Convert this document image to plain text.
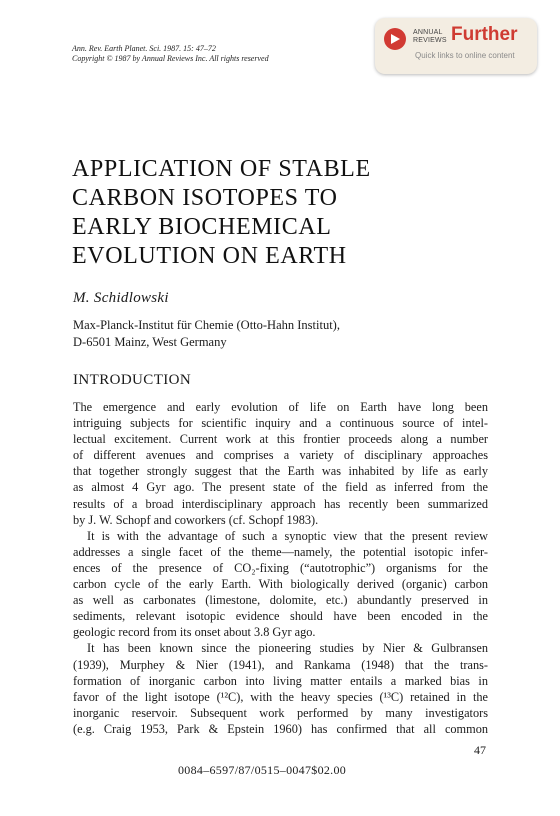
Ann. Rev. Earth Planet. Sci. 1987. 15: 47–72
Copyright © 1987 by Annual Reviews Inc. All rights reserved
ANNUAL
REVIEWS Further
Quick links to online content
APPLICATION OF STABLE
CARBON ISOTOPES TO
EARLY BIOCHEMICAL
EVOLUTION ON EARTH
M. Schidlowski
Max-Planck-Institut für Chemie (Otto-Hahn Institut),
D-6501 Mainz, West Germany
INTRODUCTION

The emergence and early evolution of life on Earth have long been

intriguing subjects for scientific inquiry and a continuous source of intel-

lectual excitement. Current work at this frontier proceeds along a number

of different avenues and comprises a variety of disciplinary approaches

that together strongly suggest that the Earth was inhabited by life as early

as almost 4 Gyr ago. The present state of the field as inferred from the

results of a broad interdisciplinary approach has recently been summarized

by J. W. Schopf and coworkers (cf. Schopf 1983).

It is with the advantage of such a synoptic view that the present review

addresses a single facet of the theme—namely, the potential isotopic infer-

ences of the presence of CO₂-fixing (“autotrophic”) organisms for the

carbon cycle of the early Earth. With biologically derived (organic) carbon

as well as carbonates (limestone, dolomite, etc.) abundantly preserved in

sediments, relevant isotopic evidence should have been encoded in the

geologic record from its onset about 3.8 Gyr ago.

It has been known since the pioneering studies by Nier & Gulbransen

(1939), Murphey & Nier (1941), and Rankama (1948) that the trans-

formation of inorganic carbon into living matter entails a marked bias in

favor of the light isotope (¹²C), with the heavy species (¹³C) retained in the

inorganic reservoir. Subsequent work performed by many investigators

(e.g. Craig 1953, Park & Epstein 1960) has confirmed that all common

47
0084–6597/87/0515–0047$02.00
